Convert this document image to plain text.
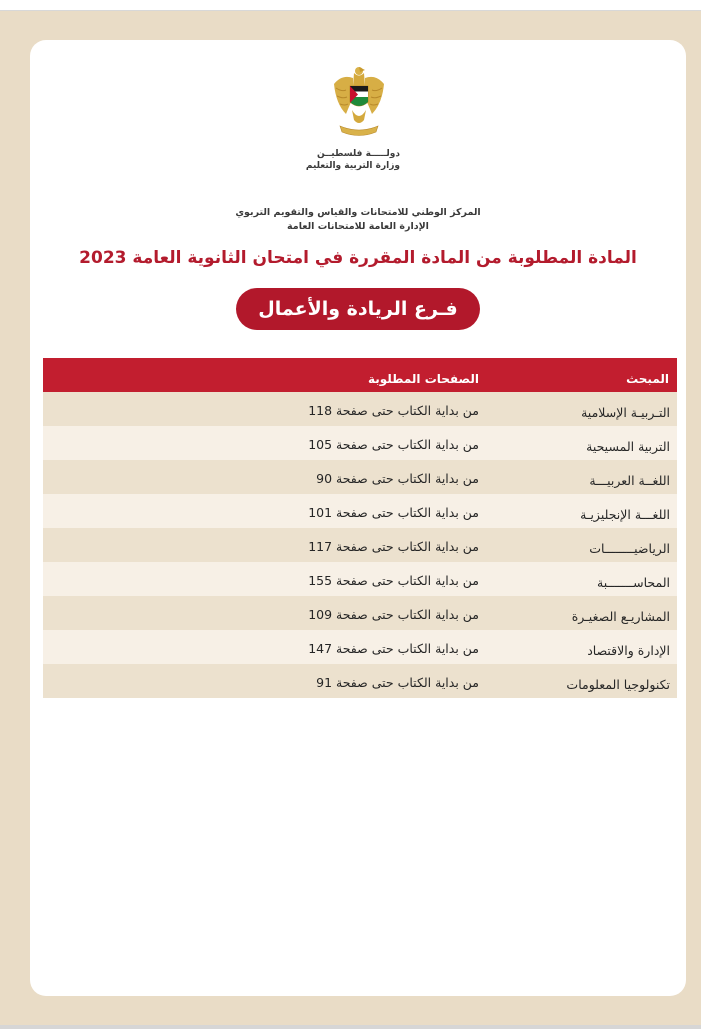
دولـــــة فلسطيــن
وزارة التربية والتعليم
المركز الوطني للامتحانات والقياس والتقويم التربوي
الإدارة العامة للامتحانات العامة
المادة المطلوبة من المادة المقررة في امتحان الثانوية العامة 2023
فـرع الريادة والأعمال
المبحث
الصفحات المطلوبة
التـربيـة الإسلامية
من بداية الكتاب حتى صفحة 118
التربية المسيحية
من بداية الكتاب حتى صفحة 105
اللغــة العربيـــة
من بداية الكتاب حتى صفحة 90
اللغـــة الإنجليزيـة
من بداية الكتاب حتى صفحة 101
الرياضيــــــــات
من بداية الكتاب حتى صفحة 117
المحاســـــــبة
من بداية الكتاب حتى صفحة 155
المشاريـع الصغيـرة
من بداية الكتاب حتى صفحة 109
الإدارة والاقتصاد
من بداية الكتاب حتى صفحة 147
تكنولوجيا المعلومات
من بداية الكتاب حتى صفحة 91
